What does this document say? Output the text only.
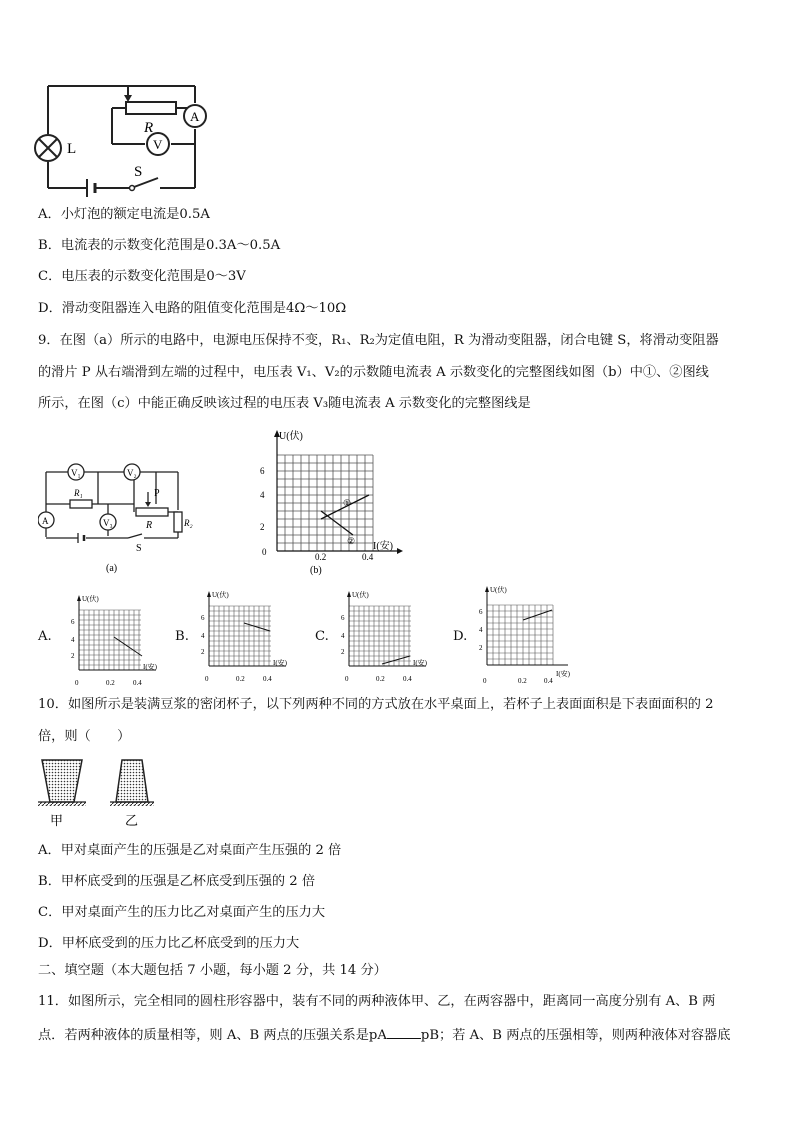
L
R
A
V
S
A．小灯泡的额定电流是0.5A
B．电流表的示数变化范围是0.3A～0.5A
C．电压表的示数变化范围是0～3V
D．滑动变阻器连入电路的阻值变化范围是4Ω～10Ω
9．在图（a）所示的电路中，电源电压保持不变，R₁、R₂为定值电阻，R 为滑动变阻器，闭合电键 S，将滑动变阻器
的滑片 P 从右端滑到左端的过程中，电压表 V₁、V₂的示数随电流表 A 示数变化的完整图线如图（b）中①、②图线
所示，在图（c）中能正确反映该过程的电压表 V₃随电流表 A 示数变化的完整图线是
V₁	V₂
V₃
A
R₁
R₂
R
P
S
(a)
U(伏)
I(安)
6
4
2
0	0.2	0.4
①
②
(b)
A.	B.	C.	D.
U(伏)
I(安)
6
4
2
0	0.2	0.4
U(伏)
I(安)
6
4
2
0	0.2	0.4
U(伏)
I(安)
6
4
2
0	0.2	0.4
U(伏)
I(安)
6
4
2
0	0.2 0.4
10．如图所示是装满豆浆的密闭杯子，以下列两种不同的方式放在水平桌面上，若杯子上表面面积是下表面面积的 2
倍，则（　　）
甲	乙
A．甲对桌面产生的压强是乙对桌面产生压强的 2 倍
B．甲杯底受到的压强是乙杯底受到压强的 2 倍
C．甲对桌面产生的压力比乙对桌面产生的压力大
D．甲杯底受到的压力比乙杯底受到的压力大
二、填空题（本大题包括 7 小题，每小题 2 分，共 14 分）
11．如图所示，完全相同的圆柱形容器中，装有不同的两种液体甲、乙，在两容器中，距离同一高度分别有 A、B 两
点．若两种液体的质量相等，则 A、B 两点的压强关系是pA	pB；若 A、B 两点的压强相等，则两种液体对容器底
